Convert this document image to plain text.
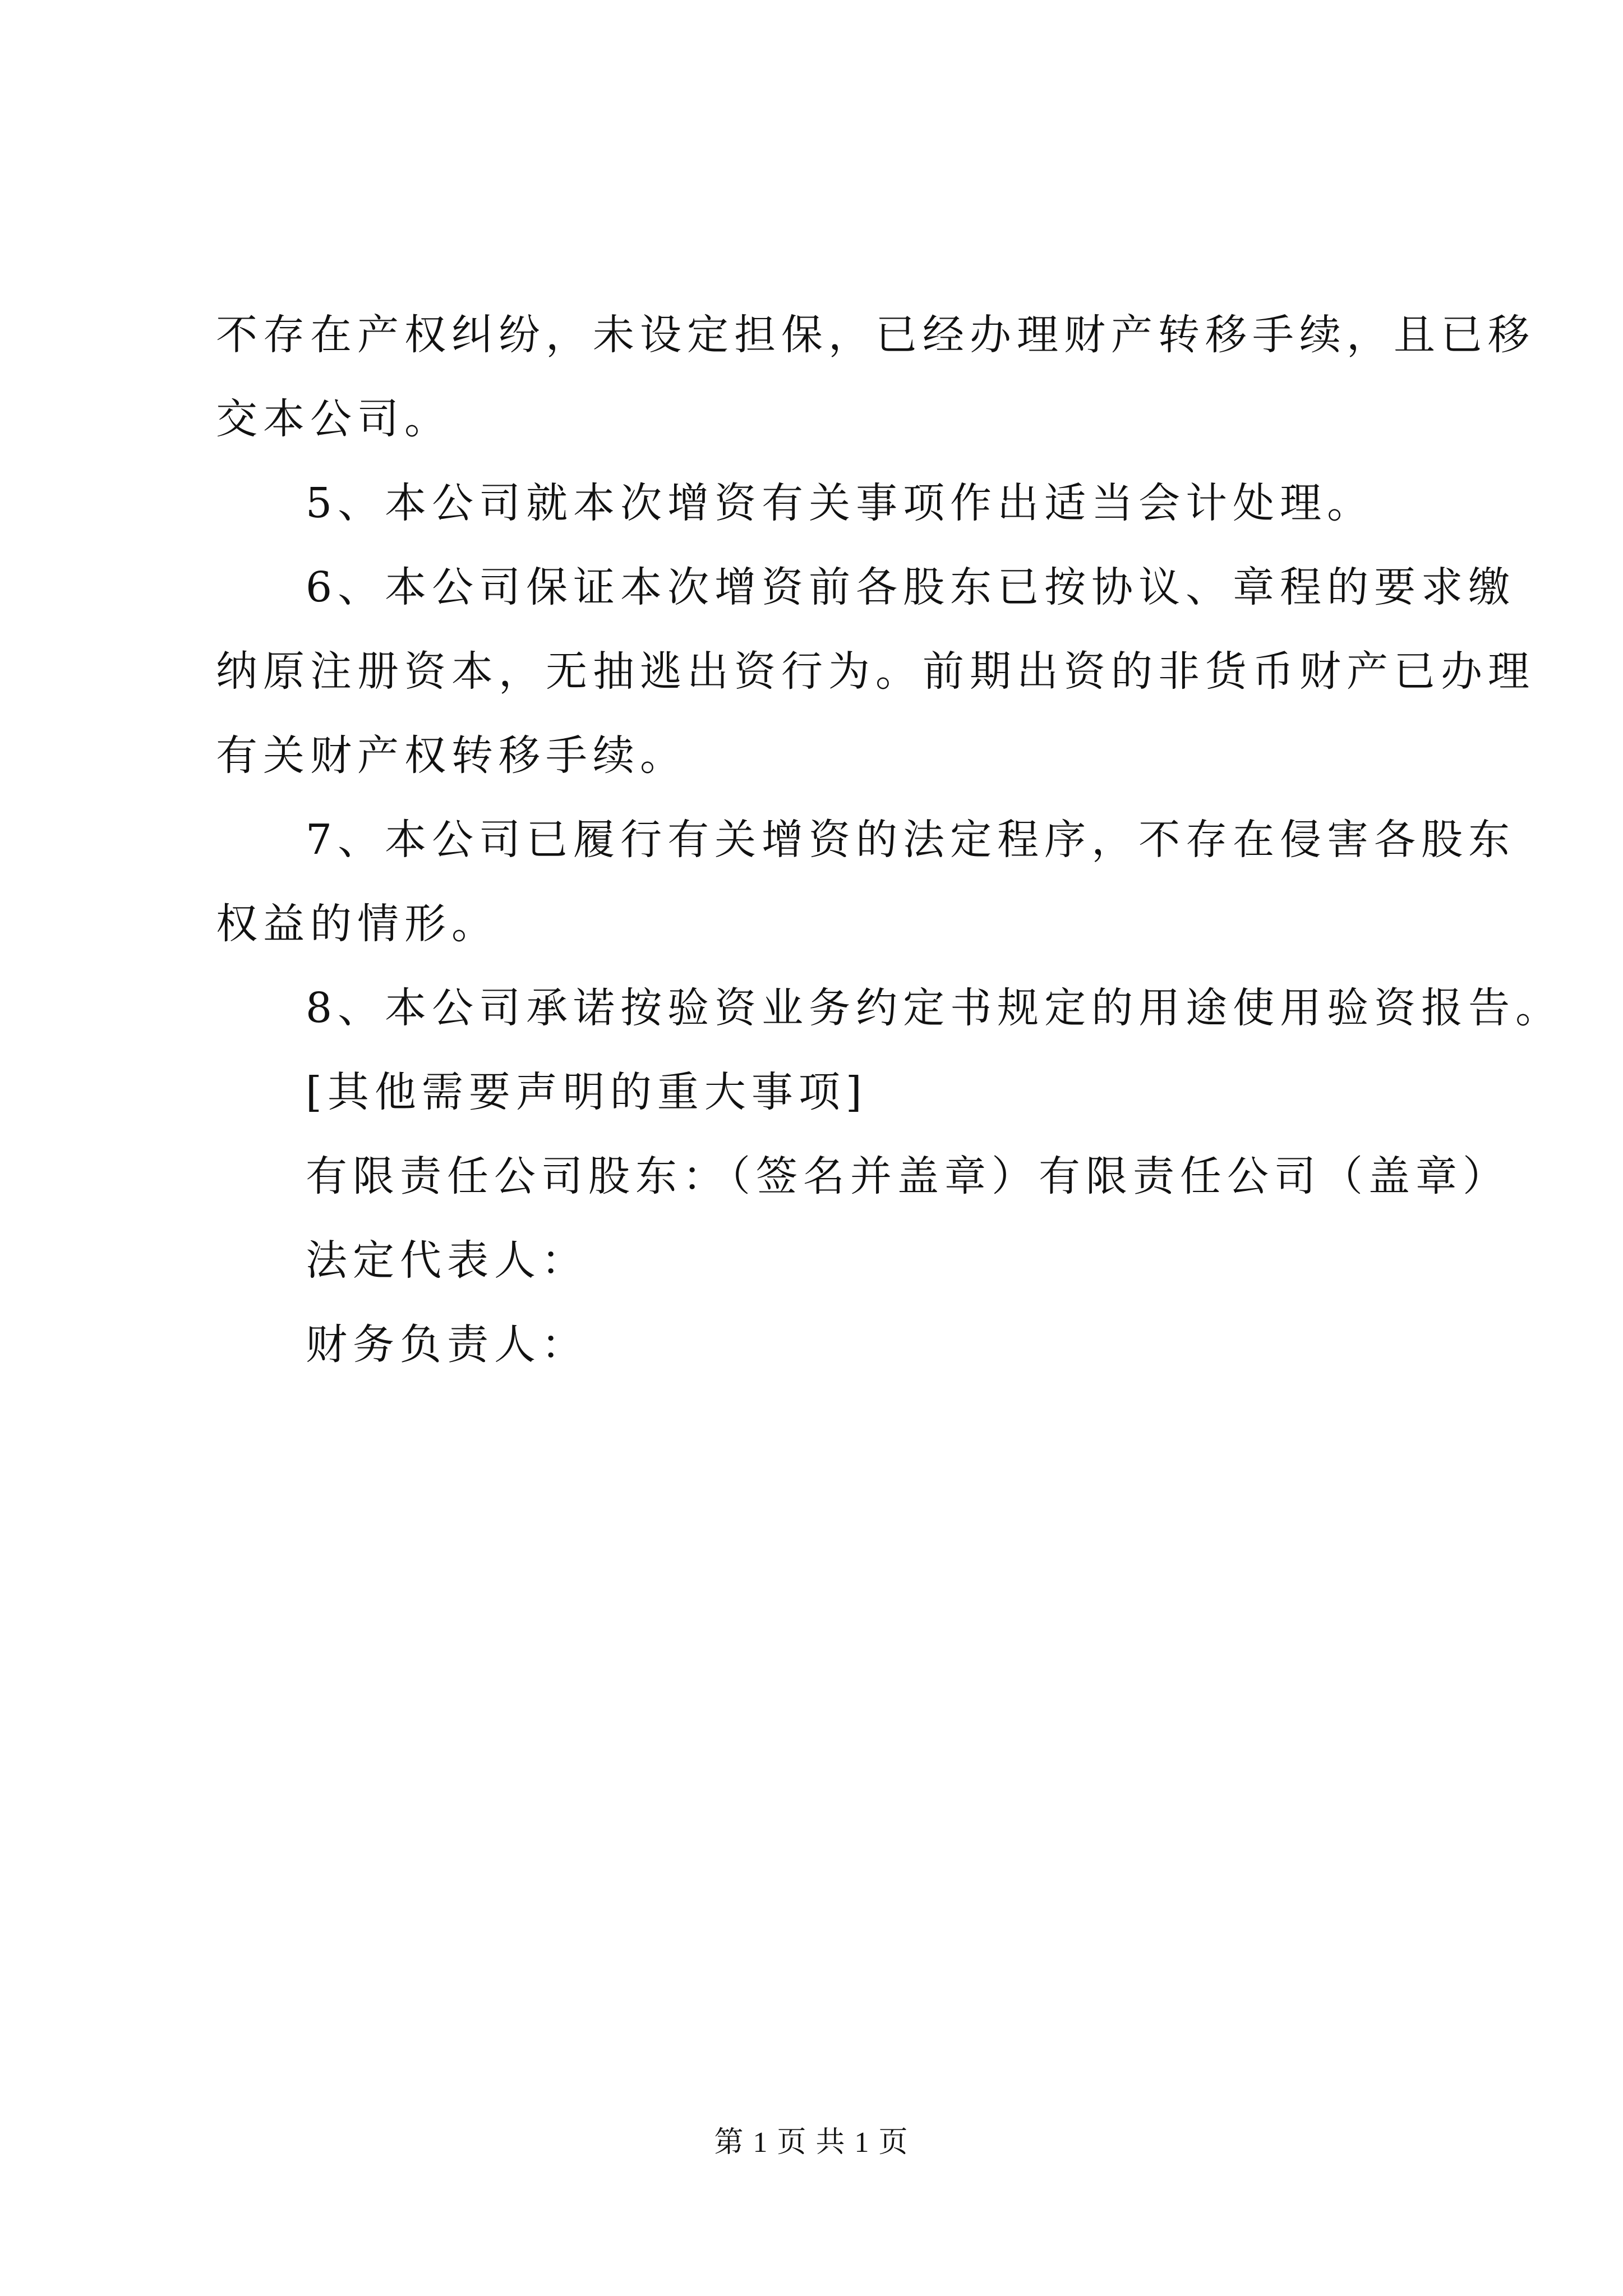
不存在产权纠纷，未设定担保，已经办理财产转移手续，且已移
交本公司。
5、本公司就本次增资有关事项作出适当会计处理。
6、本公司保证本次增资前各股东已按协议、章程的要求缴
纳原注册资本，无抽逃出资行为。前期出资的非货币财产已办理
有关财产权转移手续。
7、本公司已履行有关增资的法定程序，不存在侵害各股东
权益的情形。
8、本公司承诺按验资业务约定书规定的用途使用验资报告。
[其他需要声明的重大事项]
有限责任公司股东：（签名并盖章）有限责任公司（盖章）
法定代表人：
财务负责人：
第 1 页 共 1 页
